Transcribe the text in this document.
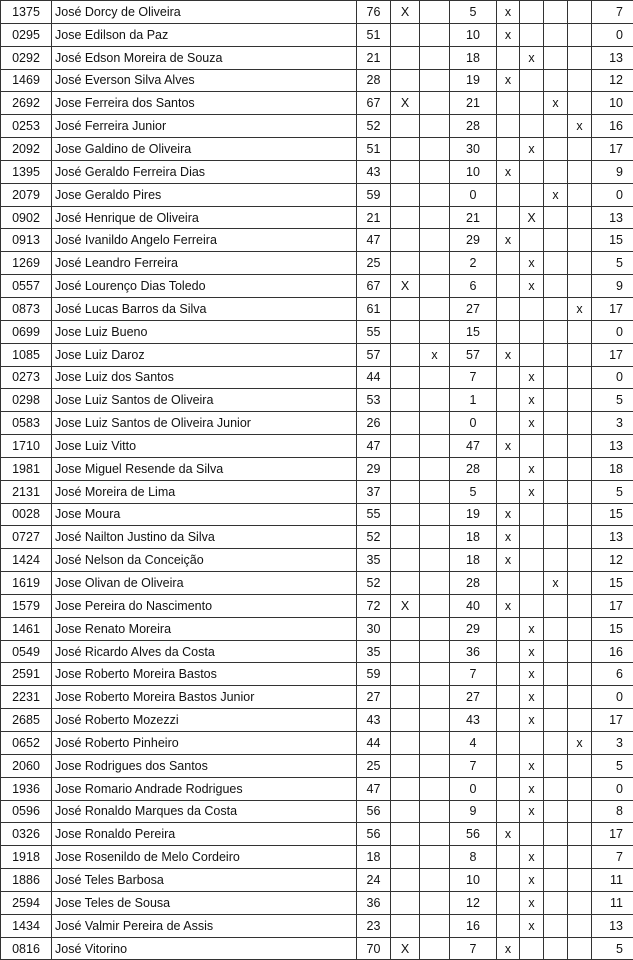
1375	José Dorcy de Oliveira	76	X		5	x				7
0295	Jose Edilson da Paz	51			10	x				0
0292	José Edson Moreira de Souza	21			18		x			13
1469	José Everson Silva Alves	28			19	x				12
2692	Jose Ferreira dos Santos	67	X		21			x		10
0253	José Ferreira Junior	52			28				x	16
2092	Jose Galdino de Oliveira	51			30		x			17
1395	José Geraldo Ferreira Dias	43			10	x				9
2079	Jose Geraldo Pires	59			0			x		0
0902	José Henrique de Oliveira	21			21		X			13
0913	José Ivanildo Angelo Ferreira	47			29	x				15
1269	José Leandro Ferreira	25			2		x			5
0557	José Lourenço Dias Toledo	67	X		6		x			9
0873	José Lucas Barros da Silva	61			27				x	17
0699	Jose Luiz Bueno	55			15					0
1085	Jose Luiz Daroz	57		x	57	x				17
0273	Jose Luiz dos Santos	44			7		x			0
0298	Jose Luiz Santos de Oliveira	53			1		x			5
0583	Jose Luiz Santos de Oliveira Junior	26			0		x			3
1710	Jose Luiz Vitto	47			47	x				13
1981	Jose Miguel Resende da Silva	29			28		x			18
2131	José Moreira de Lima	37			5		x			5
0028	Jose Moura	55			19	x				15
0727	José Nailton Justino da Silva	52			18	x				13
1424	José Nelson da Conceição	35			18	x				12
1619	Jose Olivan de Oliveira	52			28			x		15
1579	Jose Pereira do Nascimento	72	X		40	x				17
1461	Jose Renato Moreira	30			29		x			15
0549	José Ricardo Alves da Costa	35			36		x			16
2591	Jose Roberto Moreira Bastos	59			7		x			6
2231	Jose Roberto Moreira Bastos Junior	27			27		x			0
2685	José Roberto Mozezzi	43			43		x			17
0652	José Roberto Pinheiro	44			4				x	3
2060	Jose Rodrigues dos Santos	25			7		x			5
1936	Jose Romario Andrade Rodrigues	47			0		x			0
0596	José Ronaldo Marques da Costa	56			9		x			8
0326	Jose Ronaldo Pereira	56			56	x				17
1918	Jose Rosenildo de Melo Cordeiro	18			8		x			7
1886	José Teles Barbosa	24			10		x			11
2594	Jose Teles de Sousa	36			12		x			11
1434	José Valmir Pereira de Assis	23			16		x			13
0816	José Vitorino	70	X		7	x				5
